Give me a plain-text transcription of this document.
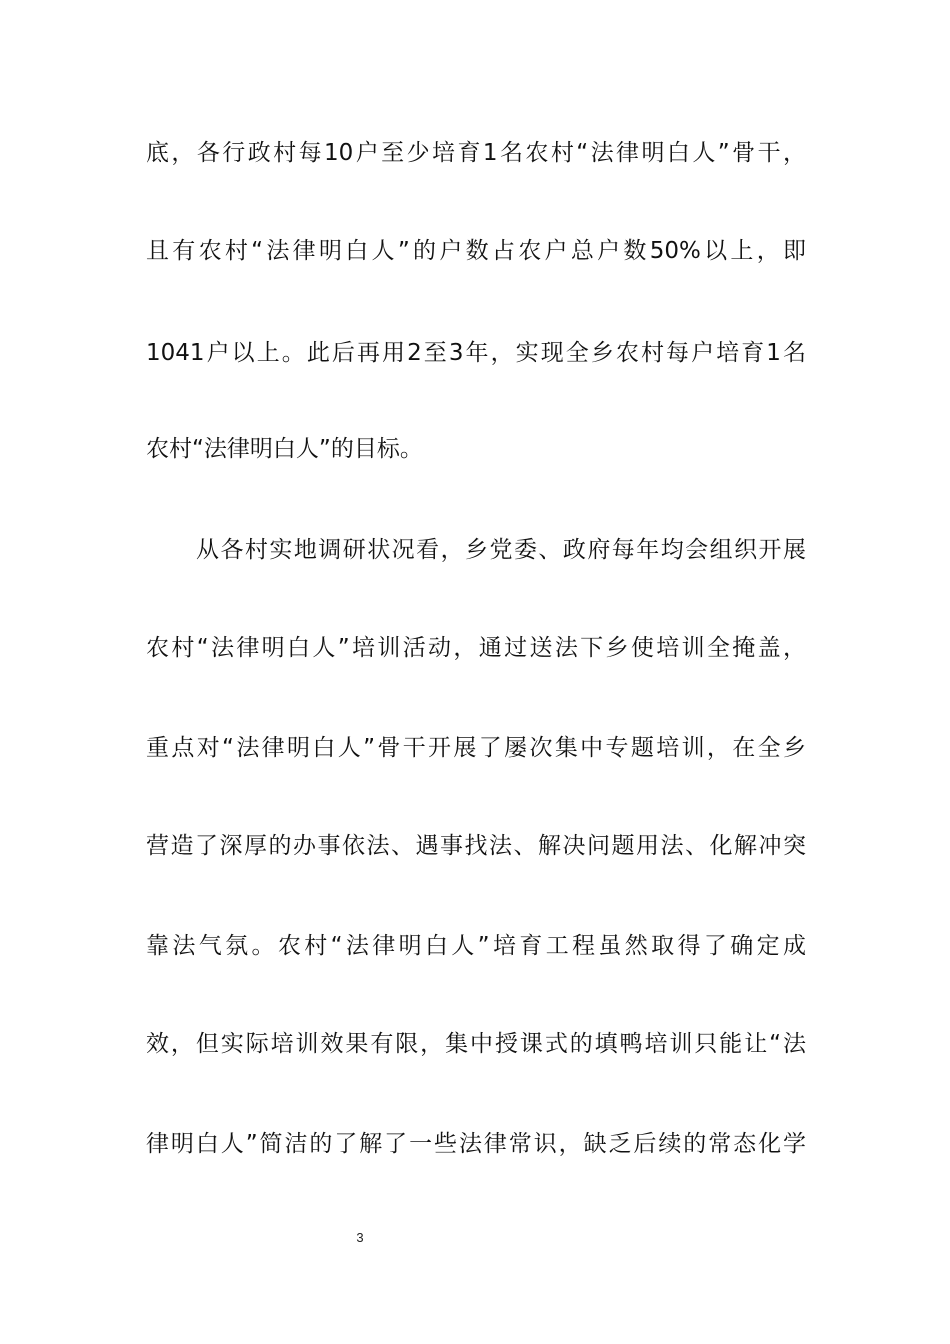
底，各行政村每10户至少培育1名农村“法律明白人”骨干，
且有农村“法律明白人”的户数占农户总户数50%以上，即
1041户以上。此后再用2至3年，实现全乡农村每户培育1名
农村“法律明白人”的目标。
从各村实地调研状况看，乡党委、政府每年均会组织开展
农村“法律明白人”培训活动，通过送法下乡使培训全掩盖，
重点对“法律明白人”骨干开展了屡次集中专题培训，在全乡
营造了深厚的办事依法、遇事找法、解决问题用法、化解冲突
靠法气氛。农村“法律明白人”培育工程虽然取得了确定成
效，但实际培训效果有限，集中授课式的填鸭培训只能让“法
律明白人”简洁的了解了一些法律常识，缺乏后续的常态化学
3
